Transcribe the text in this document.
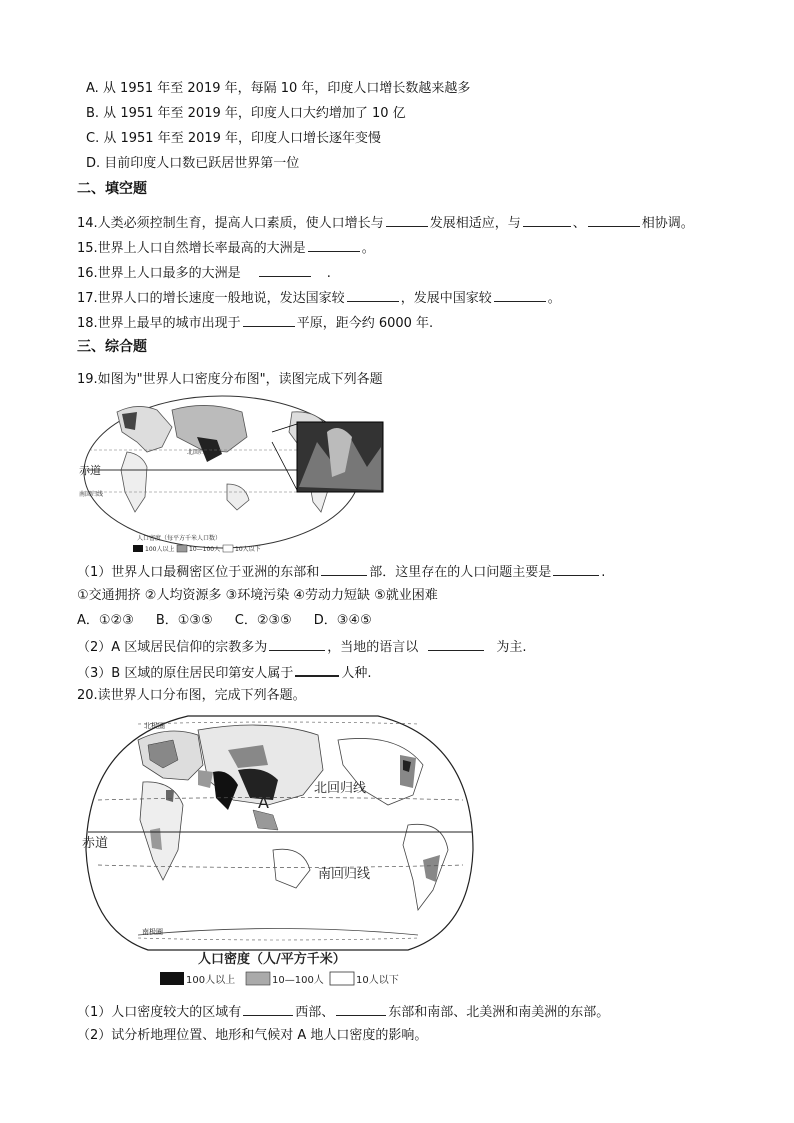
A. 从 1951 年至 2019 年，每隔 10 年，印度人口增长数越来越多
B. 从 1951 年至 2019 年，印度人口大约增加了 10 亿
C. 从 1951 年至 2019 年，印度人口增长逐年变慢
D. 目前印度人口数已跃居世界第一位
二、填空题
14.人类必须控制生育，提高人口素质，使人口增长与	发展相适应，与	、	相协调。
15.世界上人口自然增长率最高的大洲是	。
16.世界上人口最多的大洲是	.
17.世界人口的增长速度一般地说，发达国家较	，发展中国家较	。
18.世界上最早的城市出现于	平原，距今约 6000 年.
三、综合题
19.如图为"世界人口密度分布图"，读图完成下列各题
赤道
北回归线
南回归线
人口密度（每平方千米人口数）
100人以上 10—100人 10人以下
（1）世界人口最稠密区位于亚洲的东部和	部．这里存在的人口问题主要是	.
①交通拥挤 ②人均资源多 ③环境污染 ④劳动力短缺 ⑤就业困难
A．①②③ B．①③⑤ C．②③⑤ D．③④⑤
（2）A 区域居民信仰的宗教多为	，当地的语言以	为主.
（3）B 区域的原住居民印第安人属于	人种.
20.读世界人口分布图，完成下列各题。
北回归线
赤道
南回归线
A
北极圈
南极圈
人口密度（人/平方千米）
100人以上	10—100人	10人以下
（1）人口密度较大的区域有	西部、	东部和南部、北美洲和南美洲的东部。
（2）试分析地理位置、地形和气候对 A 地人口密度的影响。
